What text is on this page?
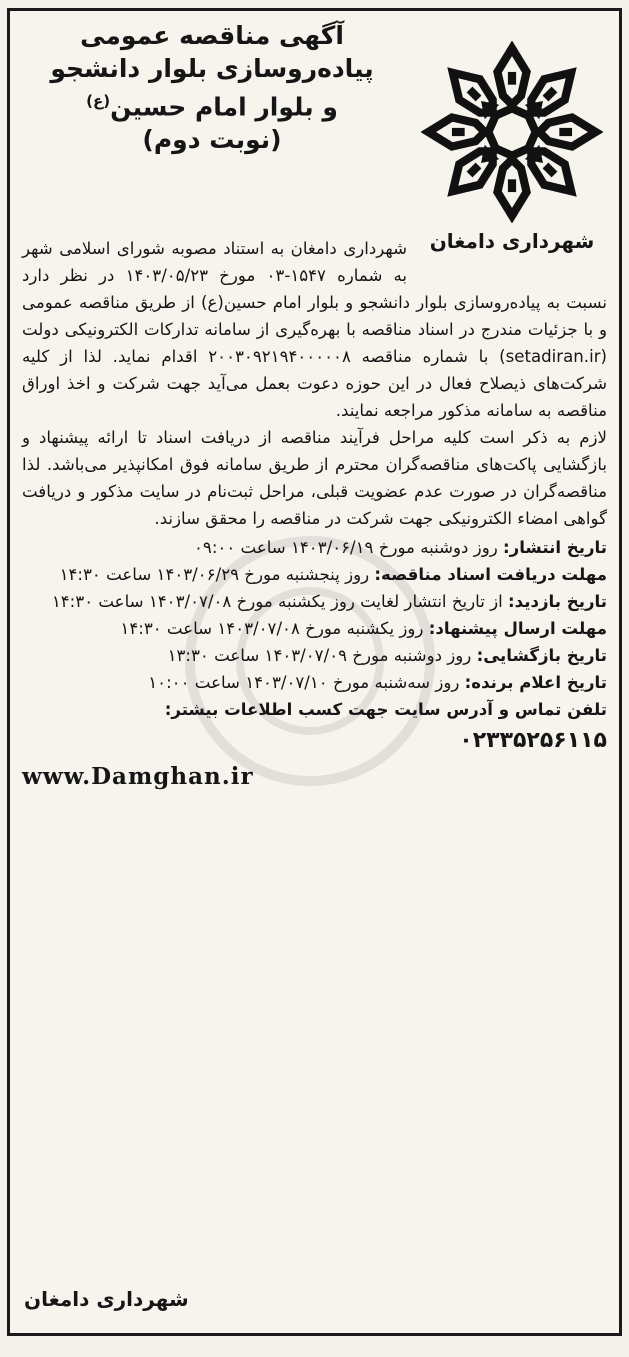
شهرداری دامغان
آگهی مناقصه عمومی
پیاده‌روسازی بلوار دانشجو
و بلوار امام حسین$^{(ع)}$
(نوبت دوم)

شهرداری دامغان به استناد مصوبه شورای اسلامی شهر به شماره ۱۵۴۷-۰۳ مورخ ۱۴۰۳/۰۵/۲۳ در نظر دارد نسبت به پیاده‌روسازی بلوار دانشجو و بلوار امام حسین(ع) از طریق مناقصه عمومی و با جزئیات مندرج در اسناد مناقصه با بهره‌گیری از سامانه تدارکات الکترونیکی دولت (setadiran.ir) با شماره مناقصه ۲۰۰۳۰۹۲۱۹۴۰۰۰۰۰۸ اقدام نماید. لذا از کلیه شرکت‌های ذیصلاح فعال در این حوزه دعوت بعمل می‌آید جهت شرکت و اخذ اوراق مناقصه به سامانه مذکور مراجعه نمایند.

لازم به ذکر است کلیه مراحل فرآیند مناقصه از دریافت اسناد تا ارائه پیشنهاد و بازگشایی پاکت‌های مناقصه‌گران محترم از طریق سامانه فوق امکانپذیر می‌باشد. لذا مناقصه‌گران در صورت عدم عضویت قبلی، مراحل ثبت‌نام در سایت مذکور و دریافت گواهی امضاء الکترونیکی جهت شرکت در مناقصه را محقق سازند.

تاریخ انتشار: روز دوشنبه مورخ ۱۴۰۳/۰۶/۱۹ ساعت ۰۹:۰۰

مهلت دریافت اسناد مناقصه: روز پنجشنبه مورخ ۱۴۰۳/۰۶/۲۹ ساعت ۱۴:۳۰

تاریخ بازدید: از تاریخ انتشار لغایت روز یکشنبه مورخ ۱۴۰۳/۰۷/۰۸ ساعت ۱۴:۳۰

مهلت ارسال پیشنهاد: روز یکشنبه مورخ ۱۴۰۳/۰۷/۰۸ ساعت ۱۴:۳۰

تاریخ بازگشایی: روز دوشنبه مورخ ۱۴۰۳/۰۷/۰۹ ساعت ۱۳:۳۰

تاریخ اعلام برنده: روز سه‌شنبه مورخ ۱۴۰۳/۰۷/۱۰ ساعت ۱۰:۰۰

تلفن تماس و آدرس سایت جهت کسب اطلاعات بیشتر:

۰۲۳۳۵۲۵۶۱۱۵

www.Damghan.ir

شهرداری دامغان
